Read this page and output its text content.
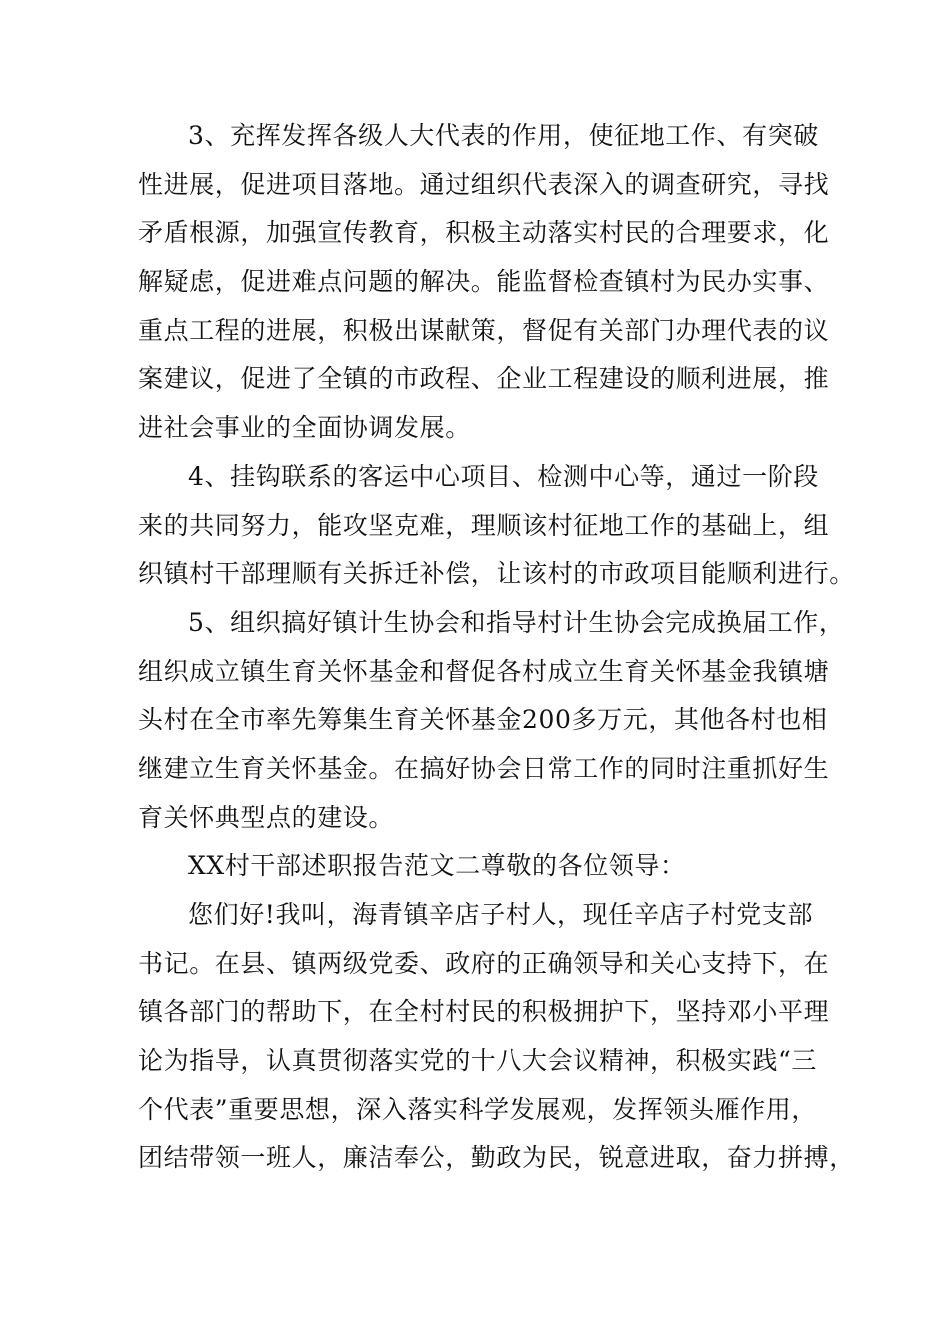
3、充挥发挥各级人大代表的作用，使征地工作、有突破
性进展，促进项目落地。通过组织代表深入的调查研究，寻找
矛盾根源，加强宣传教育，积极主动落实村民的合理要求，化
解疑虑，促进难点问题的解决。能监督检查镇村为民办实事、
重点工程的进展，积极出谋献策，督促有关部门办理代表的议
案建议，促进了全镇的市政程、企业工程建设的顺利进展，推
进社会事业的全面协调发展。
4、挂钩联系的客运中心项目、检测中心等，通过一阶段
来的共同努力，能攻坚克难，理顺该村征地工作的基础上，组
织镇村干部理顺有关拆迁补偿，让该村的市政项目能顺利进行。
5、组织搞好镇计生协会和指导村计生协会完成换届工作，
组织成立镇生育关怀基金和督促各村成立生育关怀基金我镇塘
头村在全市率先筹集生育关怀基金200多万元，其他各村也相
继建立生育关怀基金。在搞好协会日常工作的同时注重抓好生
育关怀典型点的建设。
XX村干部述职报告范文二尊敬的各位领导：
您们好!我叫，海青镇辛店子村人，现任辛店子村党支部
书记。在县、镇两级党委、政府的正确领导和关心支持下，在
镇各部门的帮助下，在全村村民的积极拥护下，坚持邓小平理
论为指导，认真贯彻落实党的十八大会议精神，积极实践“三
个代表”重要思想，深入落实科学发展观，发挥领头雁作用，
团结带领一班人，廉洁奉公，勤政为民，锐意进取，奋力拼搏，
